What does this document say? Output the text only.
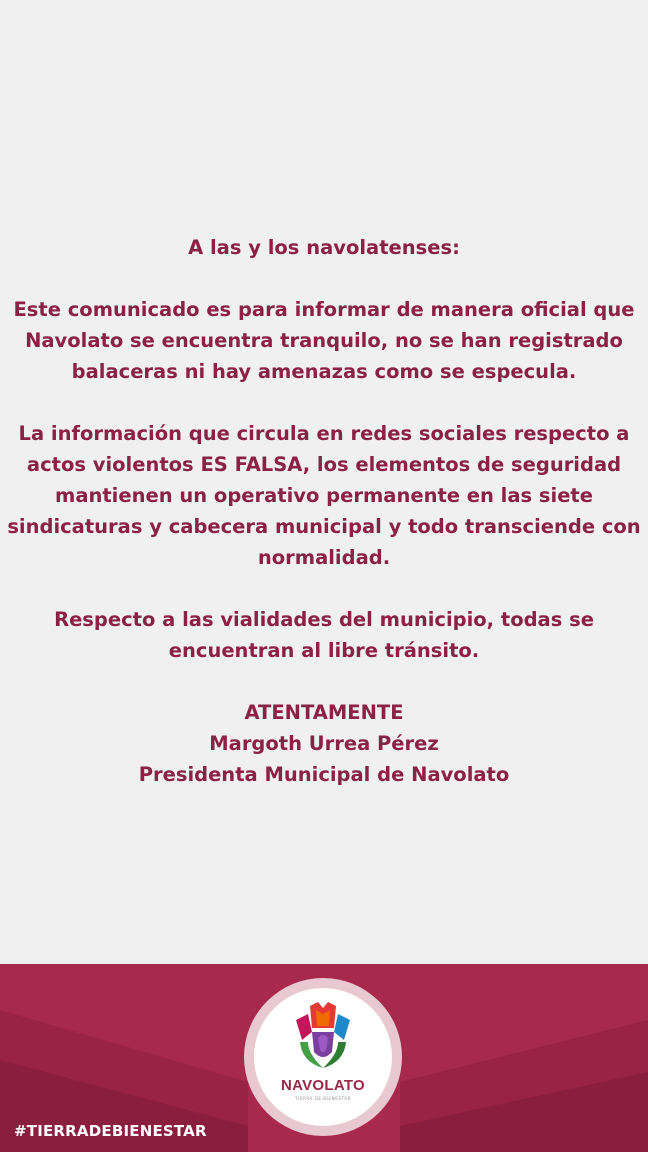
A las y los navolatenses:

Este comunicado es para informar de manera oficial que Navolato se encuentra tranquilo, no se han registrado balaceras ni hay amenazas como se especula.

La información que circula en redes sociales respecto a actos violentos ES FALSA, los elementos de seguridad mantienen un operativo permanente en las siete sindicaturas y cabecera municipal y todo transciende con normalidad.

Respecto a las vialidades del municipio, todas se encuentran al libre tránsito.

ATENTAMENTE

Margoth Urrea Pérez

Presidenta Municipal de Navolato

NAVOLATO
TIERRA DE BIENESTAR
#TIERRADEBIENESTAR
